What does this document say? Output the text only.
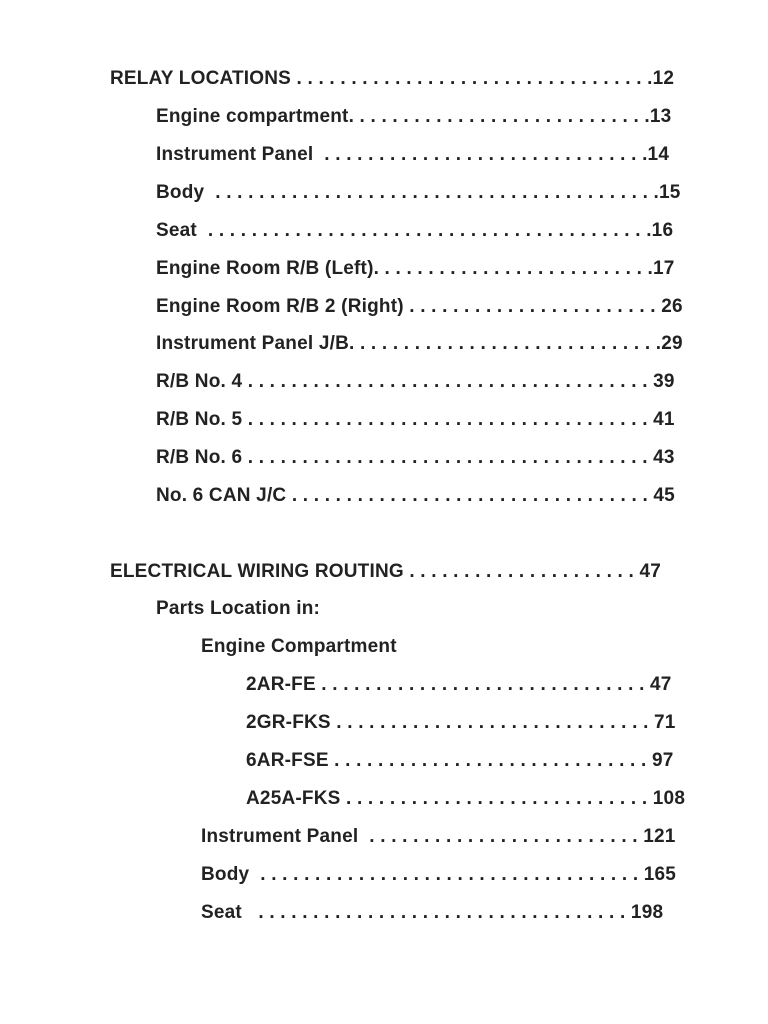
RELAY LOCATIONS . . . . . . . . . . . . . . . . . . . . . . . . . . . . . . . . .12
Engine compartment. . . . . . . . . . . . . . . . . . . . . . . . . . . .13
Instrument Panel  . . . . . . . . . . . . . . . . . . . . . . . . . . . . . .14
Body  . . . . . . . . . . . . . . . . . . . . . . . . . . . . . . . . . . . . . . . . .15
Seat  . . . . . . . . . . . . . . . . . . . . . . . . . . . . . . . . . . . . . . . . .16
Engine Room R/B (Left). . . . . . . . . . . . . . . . . . . . . . . . . .17
Engine Room R/B 2 (Right) . . . . . . . . . . . . . . . . . . . . . . . 26
Instrument Panel J/B. . . . . . . . . . . . . . . . . . . . . . . . . . . . .29
R/B No. 4 . . . . . . . . . . . . . . . . . . . . . . . . . . . . . . . . . . . . . 39
R/B No. 5 . . . . . . . . . . . . . . . . . . . . . . . . . . . . . . . . . . . . . 41
R/B No. 6 . . . . . . . . . . . . . . . . . . . . . . . . . . . . . . . . . . . . . 43
No. 6 CAN J/C . . . . . . . . . . . . . . . . . . . . . . . . . . . . . . . . . 45
ELECTRICAL WIRING ROUTING . . . . . . . . . . . . . . . . . . . . . 47
Parts Location in:
Engine Compartment
2AR-FE . . . . . . . . . . . . . . . . . . . . . . . . . . . . . . 47
2GR-FKS . . . . . . . . . . . . . . . . . . . . . . . . . . . . . 71
6AR-FSE . . . . . . . . . . . . . . . . . . . . . . . . . . . . . 97
A25A-FKS . . . . . . . . . . . . . . . . . . . . . . . . . . . . 108
Instrument Panel  . . . . . . . . . . . . . . . . . . . . . . . . . 121
Body  . . . . . . . . . . . . . . . . . . . . . . . . . . . . . . . . . . . 165
Seat   . . . . . . . . . . . . . . . . . . . . . . . . . . . . . . . . . . 198
